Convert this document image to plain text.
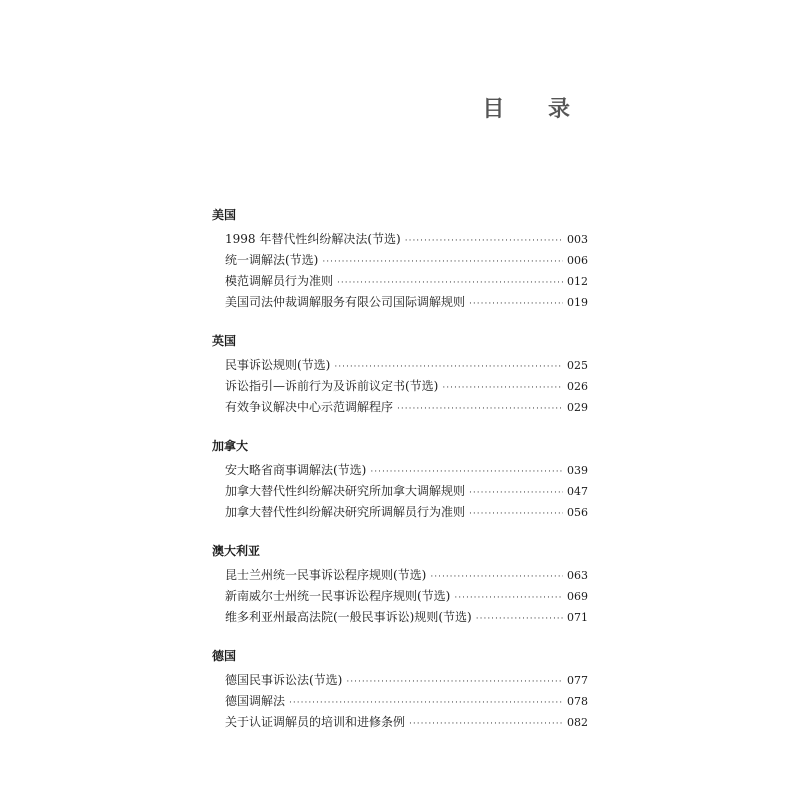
目 录
美国
1998 年替代性纠纷解决法(节选) ·····	003
统一调解法(节选) ·····	006
模范调解员行为准则 ·····	012
美国司法仲裁调解服务有限公司国际调解规则 ·····	019
英国
民事诉讼规则(节选) ·····	025
诉讼指引—诉前行为及诉前议定书(节选) ·····	026
有效争议解决中心示范调解程序 ·····	029
加拿大
安大略省商事调解法(节选) ·····	039
加拿大替代性纠纷解决研究所加拿大调解规则 ·····	047
加拿大替代性纠纷解决研究所调解员行为准则 ·····	056
澳大利亚
昆士兰州统一民事诉讼程序规则(节选) ·····	063
新南威尔士州统一民事诉讼程序规则(节选) ·····	069
维多利亚州最高法院(一般民事诉讼)规则(节选) ·····	071
德国
德国民事诉讼法(节选) ·····	077
德国调解法 ·····	078
关于认证调解员的培训和进修条例 ·····	082
